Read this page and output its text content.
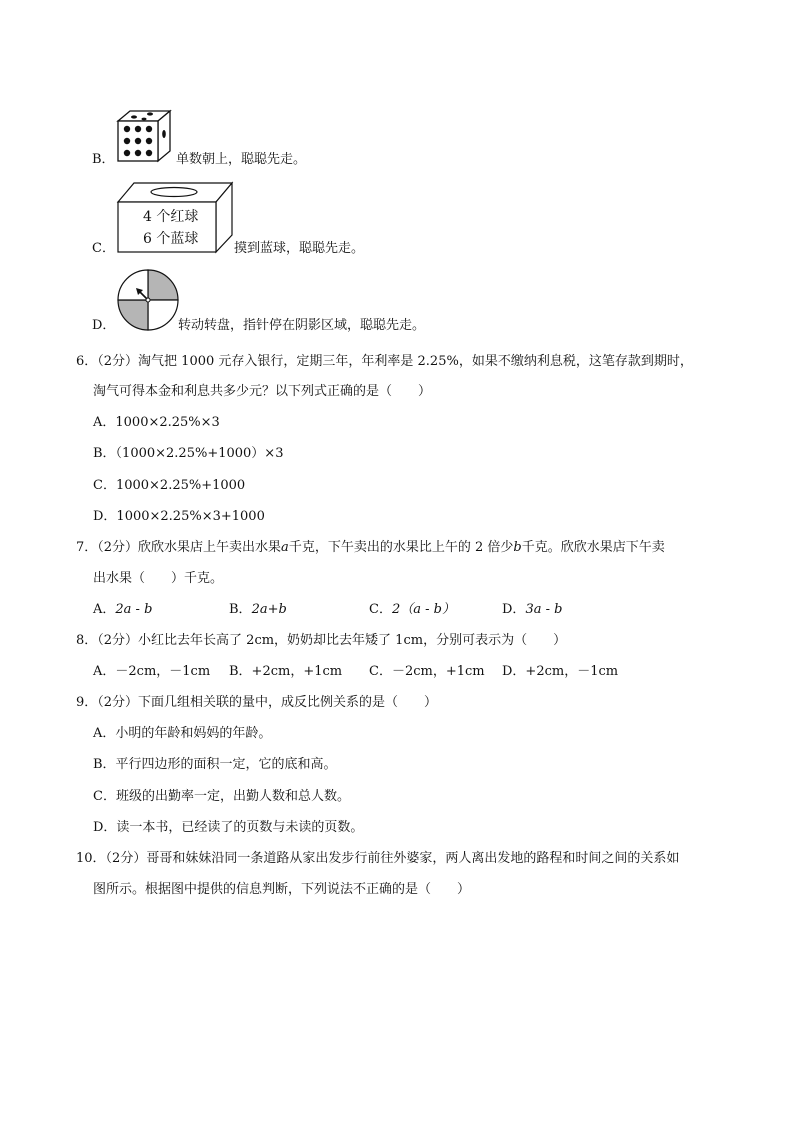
B．	单数朝上，聪聪先走。
C．
4 个红球
6 个蓝球
摸到蓝球，聪聪先走。
D．	转动转盘，指针停在阴影区域，聪聪先走。
6．（2分）淘气把 1000 元存入银行，定期三年，年利率是 2.25%，如果不缴纳利息税，这笔存款到期时，
淘气可得本金和利息共多少元？以下列式正确的是（　　）
A．1000×2.25%×3
B．（1000×2.25%+1000）×3
C．1000×2.25%+1000
D．1000×2.25%×3+1000
7．（2分）欣欣水果店上午卖出水果a千克，下午卖出的水果比上午的 2 倍少b千克。欣欣水果店下午卖
出水果（　　）千克。
A．2a - b	B．2a+b	C．2（a - b）	D．3a - b
8．（2分）小红比去年长高了 2cm，奶奶却比去年矮了 1cm，分别可表示为（　　）
A．－2cm，－1cm B．+2cm，+1cm C．－2cm，+1cm D．+2cm，－1cm
9．（2分）下面几组相关联的量中，成反比例关系的是（　　）
A．小明的年龄和妈妈的年龄。
B．平行四边形的面积一定，它的底和高。
C．班级的出勤率一定，出勤人数和总人数。
D．读一本书，已经读了的页数与未读的页数。
10．（2分）哥哥和妹妹沿同一条道路从家出发步行前往外婆家，两人离出发地的路程和时间之间的关系如
图所示。根据图中提供的信息判断，下列说法不正确的是（　　）
